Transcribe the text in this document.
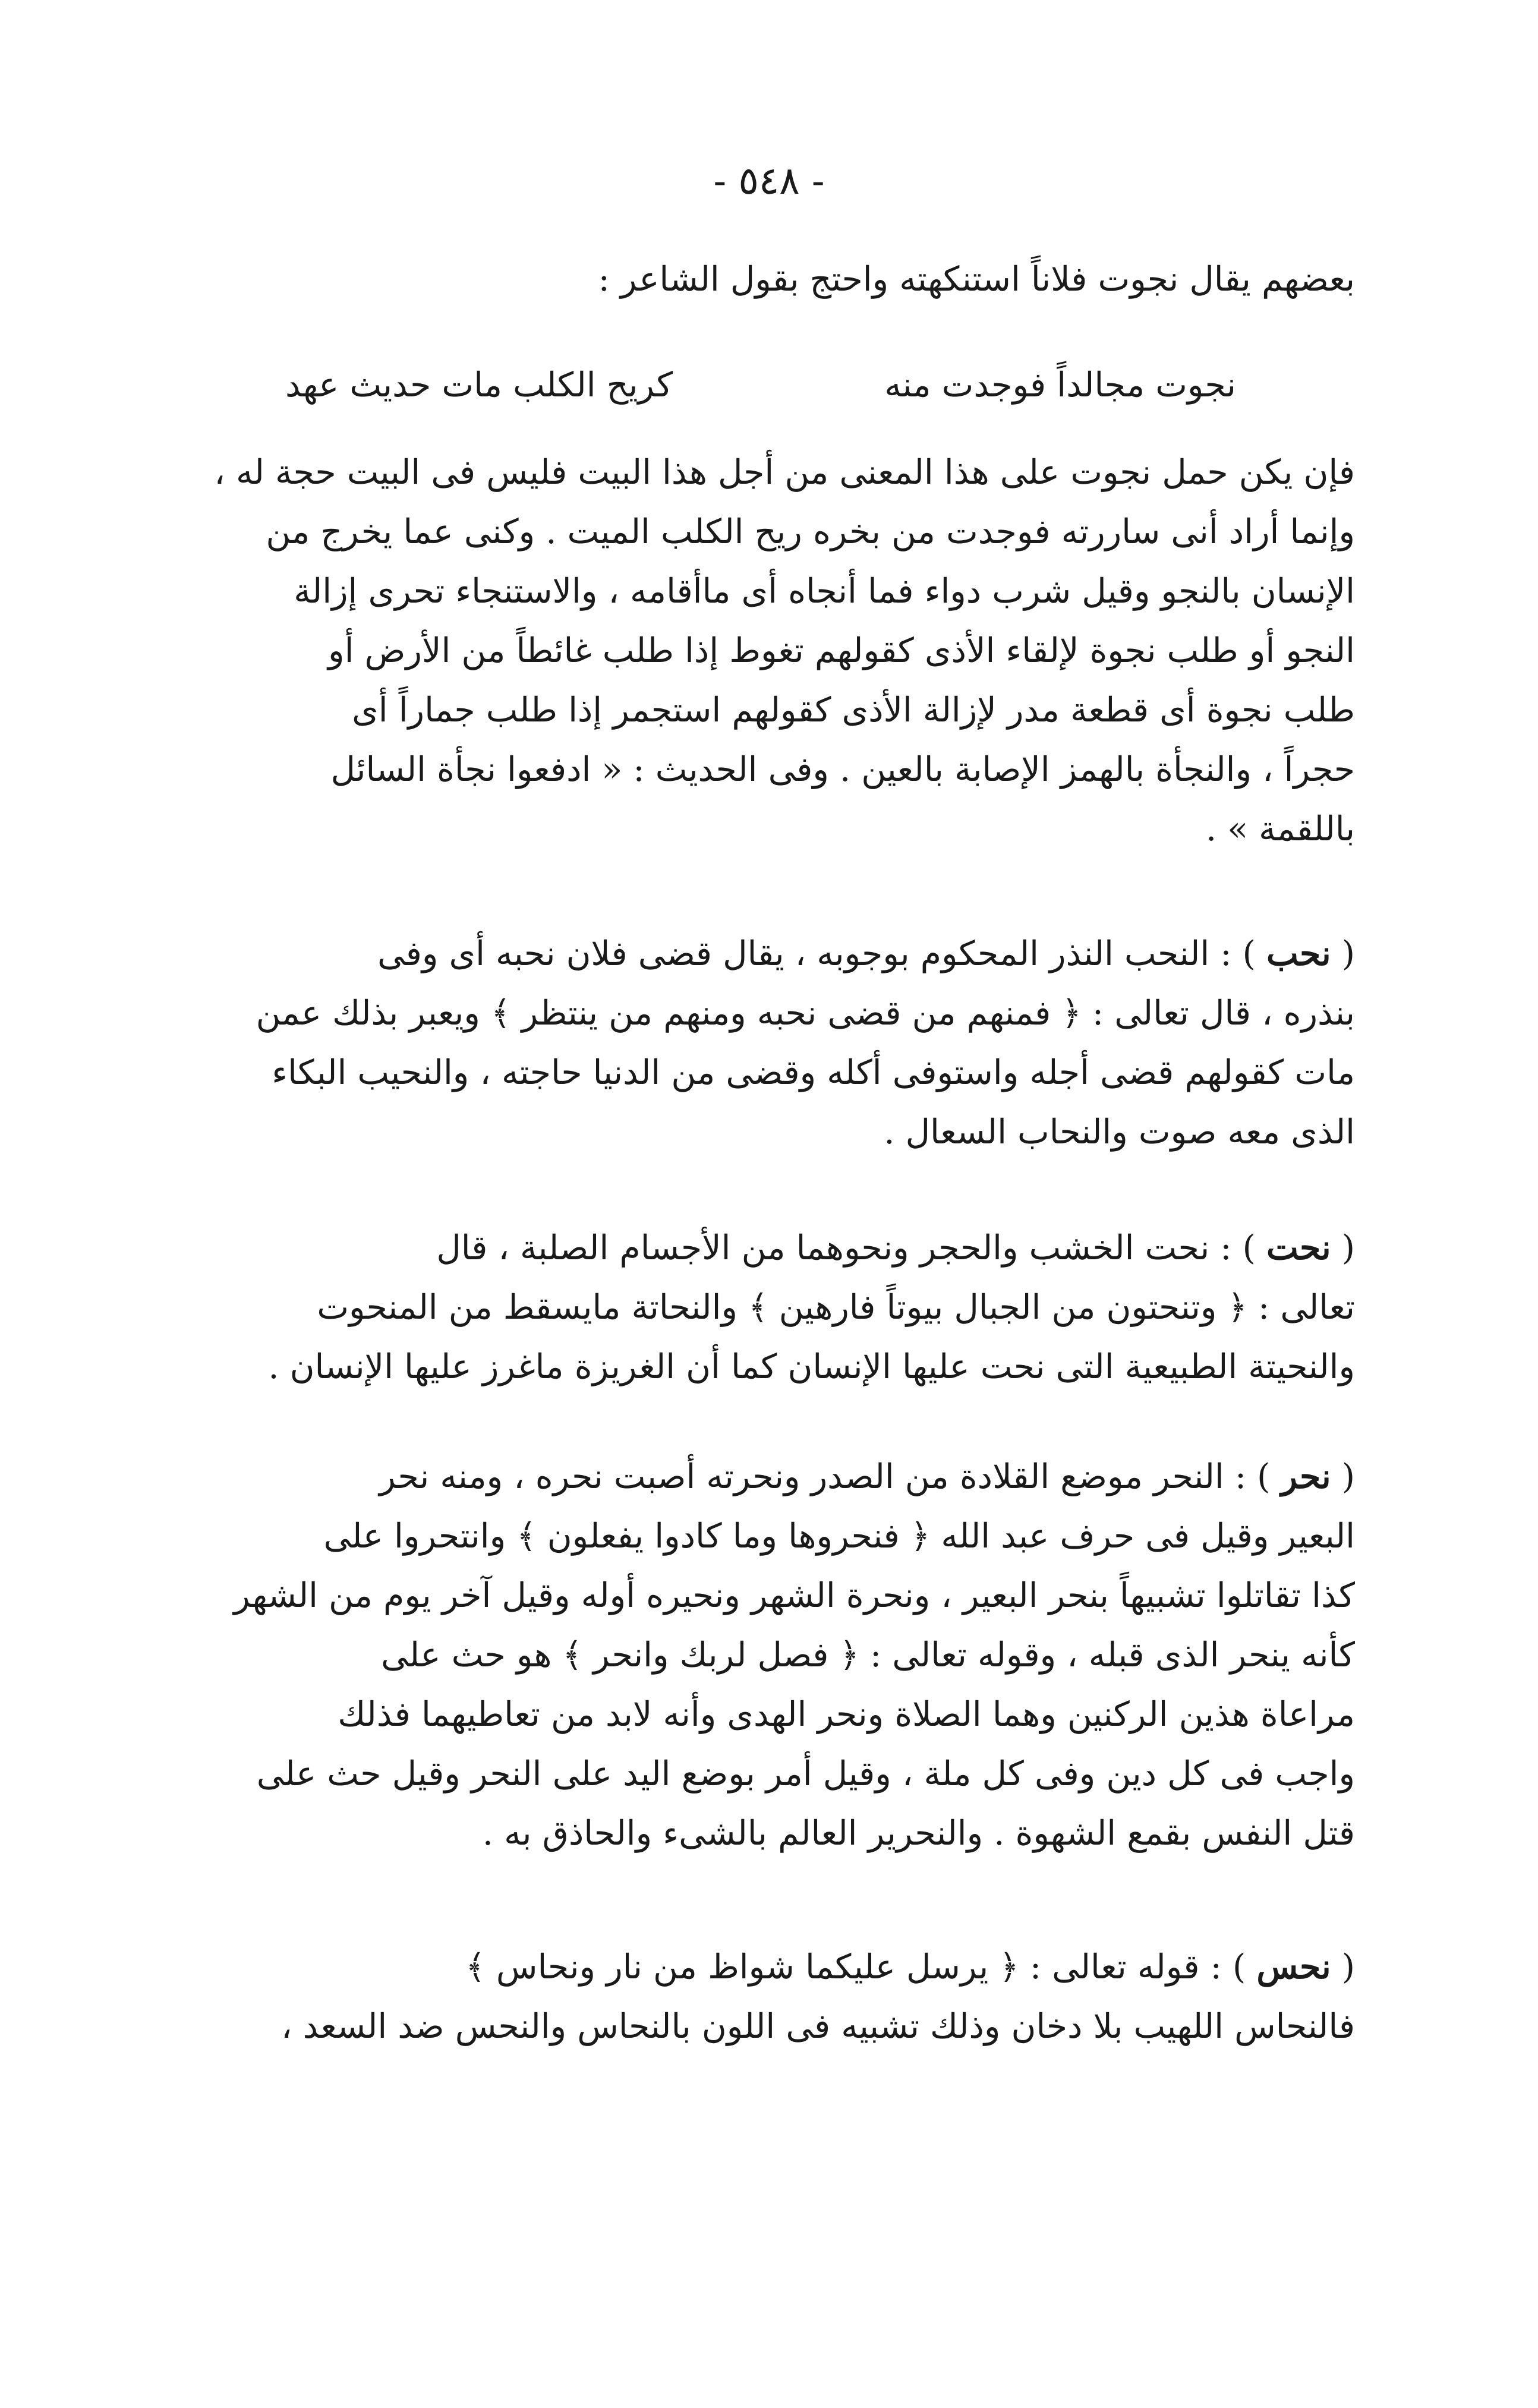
- ٥٤٨ -
بعضهم يقال نجوت فلاناً استنكهته واحتج بقول الشاعر :
نجوت مجالداً فوجدت منه
كريح الكلب مات حديث عهد
فإن يكن حمل نجوت على هذا المعنى من أجل هذا البيت فليس فى البيت حجة له ،
وإنما أراد أنى ساررته فوجدت من بخره ريح الكلب الميت . وكنى عما يخرج من
الإنسان بالنجو وقيل شرب دواء فما أنجاه أى ماأقامه ، والاستنجاء تحرى إزالة
النجو أو طلب نجوة لإلقاء الأذى كقولهم تغوط إذا طلب غائطاً من الأرض أو
طلب نجوة أى قطعة مدر لإزالة الأذى كقولهم استجمر إذا طلب جماراً أى
حجراً ، والنجأة بالهمز الإصابة بالعين . وفى الحديث : « ادفعوا نجأة السائل
باللقمة » .
( نحب ) : النحب النذر المحكوم بوجوبه ، يقال قضى فلان نحبه أى وفى
بنذره ، قال تعالى : ﴿ فمنهم من قضى نحبه ومنهم من ينتظر ﴾ ويعبر بذلك عمن
مات كقولهم قضى أجله واستوفى أكله وقضى من الدنيا حاجته ، والنحيب البكاء
الذى معه صوت والنحاب السعال .
( نحت ) : نحت الخشب والحجر ونحوهما من الأجسام الصلبة ، قال
تعالى : ﴿ وتنحتون من الجبال بيوتاً فارهين ﴾ والنحاتة مايسقط من المنحوت
والنحيتة الطبيعية التى نحت عليها الإنسان كما أن الغريزة ماغرز عليها الإنسان .
( نحر ) : النحر موضع القلادة من الصدر ونحرته أصبت نحره ، ومنه نحر
البعير وقيل فى حرف عبد الله ﴿ فنحروها وما كادوا يفعلون ﴾ وانتحروا على
كذا تقاتلوا تشبيهاً بنحر البعير ، ونحرة الشهر ونحيره أوله وقيل آخر يوم من الشهر
كأنه ينحر الذى قبله ، وقوله تعالى : ﴿ فصل لربك وانحر ﴾ هو حث على
مراعاة هذين الركنين وهما الصلاة ونحر الهدى وأنه لابد من تعاطيهما فذلك
واجب فى كل دين وفى كل ملة ، وقيل أمر بوضع اليد على النحر وقيل حث على
قتل النفس بقمع الشهوة . والنحرير العالم بالشىء والحاذق به .
( نحس ) : قوله تعالى : ﴿ يرسل عليكما شواظ من نار ونحاس ﴾
فالنحاس اللهيب بلا دخان وذلك تشبيه فى اللون بالنحاس والنحس ضد السعد ،
